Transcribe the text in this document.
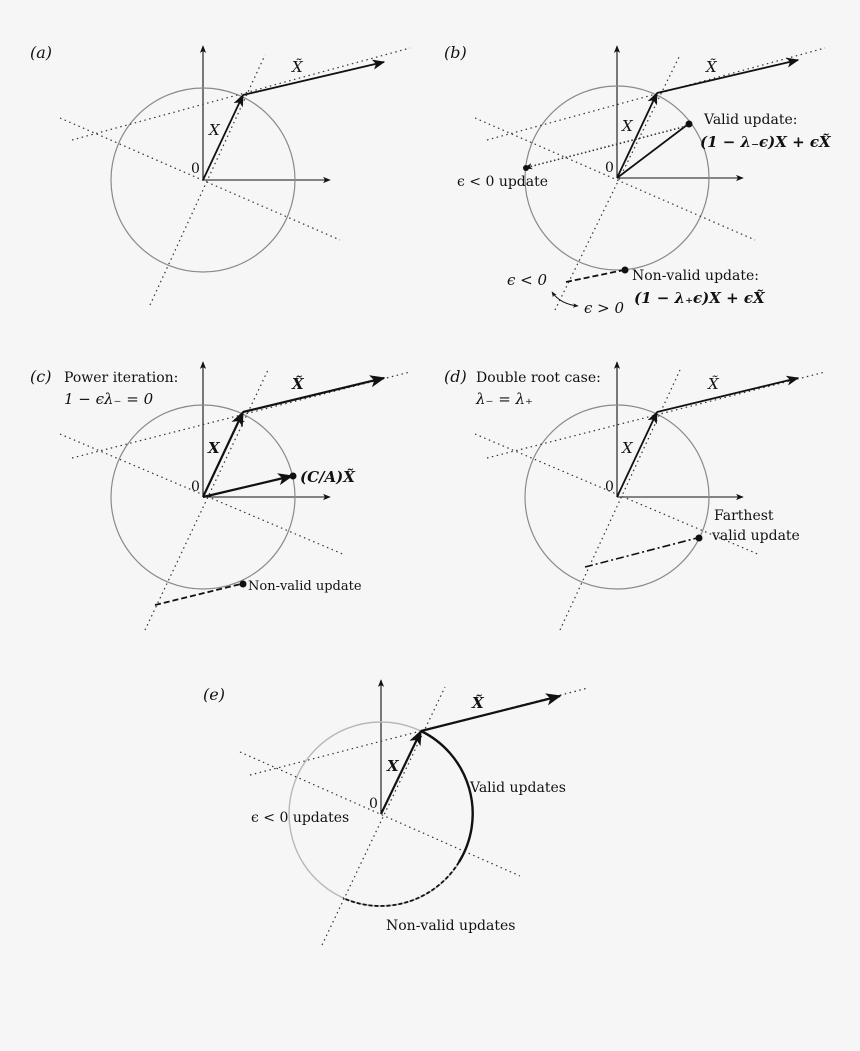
(a)
0
X
X̃
(b)
0
X
X̃
Valid update:
(1 − λ₋ϵ)X + ϵX̃
ϵ < 0 update
Non-valid update:
(1 − λ₊ϵ)X + ϵX̃
ϵ < 0
ϵ > 0
(c) Power iteration:
1 − ϵλ₋ = 0
0
X
X̃
(C/A)X̃
Non-valid update
(d) Double root case:
λ₋ = λ₊
0
X
X̃
Farthest
valid update
(e)
0
X
X̃
Valid updates
ϵ < 0 updates
Non-valid updates
